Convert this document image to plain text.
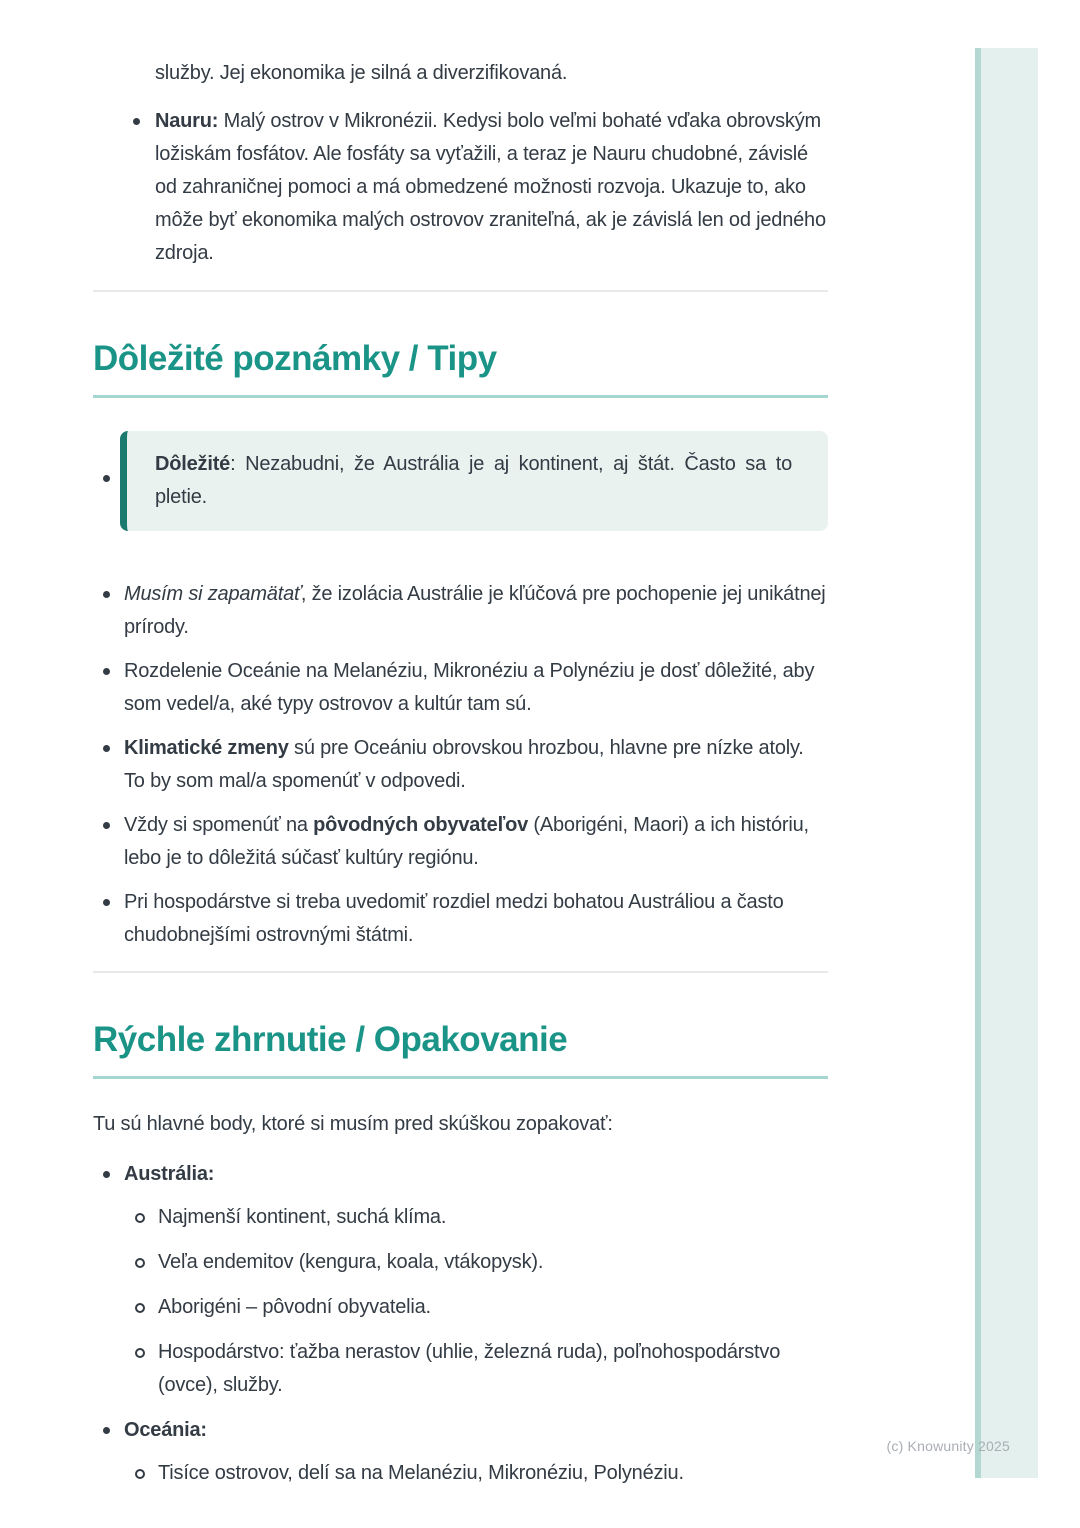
služby. Jej ekonomika je silná a diverzifikovaná.

Nauru: Malý ostrov v Mikronézii. Kedysi bolo veľmi bohaté vďaka obrovským ložiskám fosfátov. Ale fosfáty sa vyťažili, a teraz je Nauru chudobné, závislé od zahraničnej pomoci a má obmedzené možnosti rozvoja. Ukazuje to, ako môže byť ekonomika malých ostrovov zraniteľná, ak je závislá len od jedného zdroja.
Dôležité poznámky / Tipy
Dôležité: Nezabudni, že Austrália je aj kontinent, aj štát. Často sa to pletie.
Musím si zapamätať, že izolácia Austrálie je kľúčová pre pochopenie jej unikátnej prírody.
Rozdelenie Oceánie na Melanéziu, Mikronéziu a Polynéziu je dosť dôležité, aby som vedel/a, aké typy ostrovov a kultúr tam sú.
Klimatické zmeny sú pre Oceániu obrovskou hrozbou, hlavne pre nízke atoly. To by som mal/a spomenúť v odpovedi.
Vždy si spomenúť na pôvodných obyvateľov (Aborigéni, Maori) a ich históriu, lebo je to dôležitá súčasť kultúry regiónu.
Pri hospodárstve si treba uvedomiť rozdiel medzi bohatou Austráliou a často chudobnejšími ostrovnými štátmi.
Rýchle zhrnutie / Opakovanie

Tu sú hlavné body, ktoré si musím pred skúškou zopakovať:

Austrália:
Najmenší kontinent, suchá klíma.
Veľa endemitov (kengura, koala, vtákopysk).
Aborigéni – pôvodní obyvatelia.
Hospodárstvo: ťažba nerastov (uhlie, železná ruda), poľnohospodárstvo (ovce), služby.
Oceánia:
Tisíce ostrovov, delí sa na Melanéziu, Mikronéziu, Polynéziu.
(c) Knowunity 2025
